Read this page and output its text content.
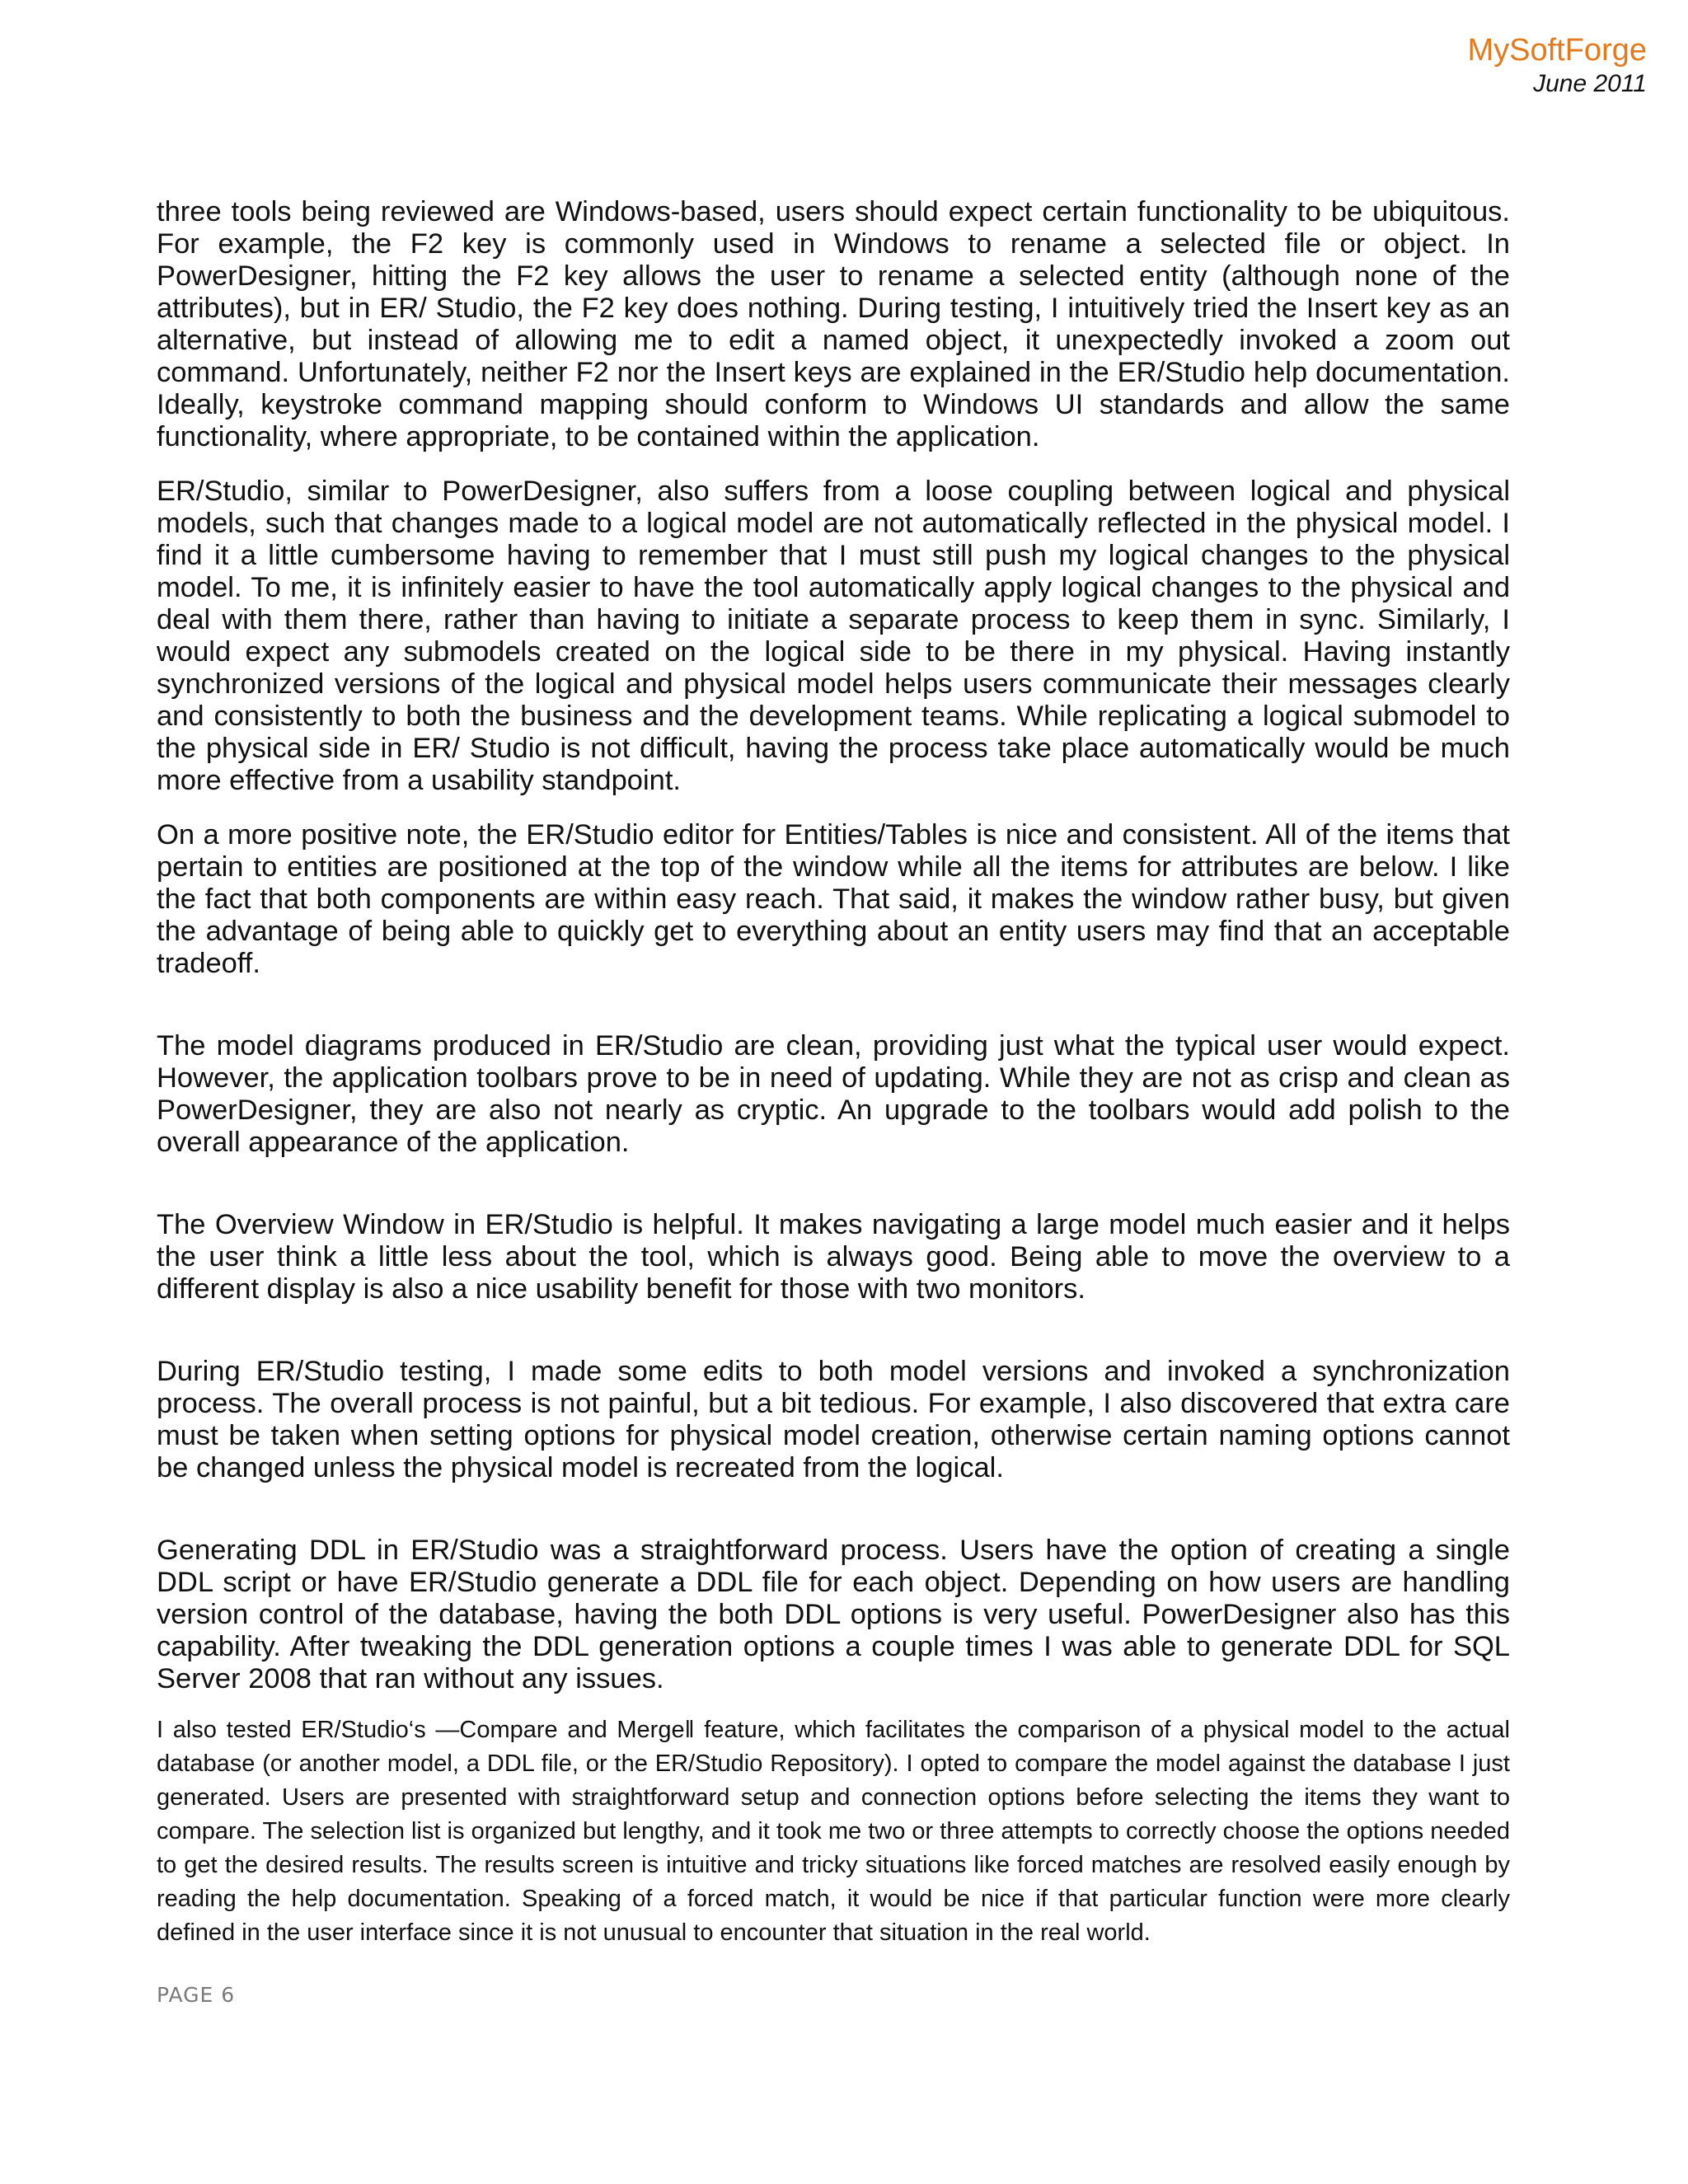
MySoftForge
June 2011

three tools being reviewed are Windows-based, users should expect certain functionality to be ubiquitous. For example, the F2 key is commonly used in Windows to rename a selected file or object. In PowerDesigner, hitting the F2 key allows the user to rename a selected entity (although none of the attributes), but in ER/ Studio, the F2 key does nothing. During testing, I intuitively tried the Insert key as an alternative, but instead of allowing me to edit a named object, it unexpectedly invoked a zoom out command. Unfortunately, neither F2 nor the Insert keys are explained in the ER/Studio help documentation. Ideally, keystroke command mapping should conform to Windows UI standards and allow the same functionality, where appropriate, to be contained within the application.

ER/Studio, similar to PowerDesigner, also suffers from a loose coupling between logical and physical models, such that changes made to a logical model are not automatically reflected in the physical model. I find it a little cumbersome having to remember that I must still push my logical changes to the physical model. To me, it is infinitely easier to have the tool automatically apply logical changes to the physical and deal with them there, rather than having to initiate a separate process to keep them in sync. Similarly, I would expect any submodels created on the logical side to be there in my physical. Having instantly synchronized versions of the logical and physical model helps users communicate their messages clearly and consistently to both the business and the development teams. While replicating a logical submodel to the physical side in ER/ Studio is not difficult, having the process take place automatically would be much more effective from a usability standpoint.

On a more positive note, the ER/Studio editor for Entities/Tables is nice and consistent. All of the items that pertain to entities are positioned at the top of the window while all the items for attributes are below. I like the fact that both components are within easy reach. That said, it makes the window rather busy, but given the advantage of being able to quickly get to everything about an entity users may find that an acceptable tradeoff.

The model diagrams produced in ER/Studio are clean, providing just what the typical user would expect. However, the application toolbars prove to be in need of updating. While they are not as crisp and clean as PowerDesigner, they are also not nearly as cryptic. An upgrade to the toolbars would add polish to the overall appearance of the application.

The Overview Window in ER/Studio is helpful. It makes navigating a large model much easier and it helps the user think a little less about the tool, which is always good. Being able to move the overview to a different display is also a nice usability benefit for those with two monitors.

During ER/Studio testing, I made some edits to both model versions and invoked a synchronization process. The overall process is not painful, but a bit tedious. For example, I also discovered that extra care must be taken when setting options for physical model creation, otherwise certain naming options cannot be changed unless the physical model is recreated from the logical.

Generating DDL in ER/Studio was a straightforward process. Users have the option of creating a single DDL script or have ER/Studio generate a DDL file for each object. Depending on how users are handling version control of the database, having the both DDL options is very useful. PowerDesigner also has this capability. After tweaking the DDL generation options a couple times I was able to generate DDL for SQL Server 2008 that ran without any issues.

I also tested ER/Studio‘s ―Compare and Merge‖ feature, which facilitates the comparison of a physical model to the actual database (or another model, a DDL file, or the ER/Studio Repository). I opted to compare the model against the database I just generated. Users are presented with straightforward setup and connection options before selecting the items they want to compare. The selection list is organized but lengthy, and it took me two or three attempts to correctly choose the options needed to get the desired results. The results screen is intuitive and tricky situations like forced matches are resolved easily enough by reading the help documentation. Speaking of a forced match, it would be nice if that particular function were more clearly defined in the user interface since it is not unusual to encounter that situation in the real world.

PAGE 6
